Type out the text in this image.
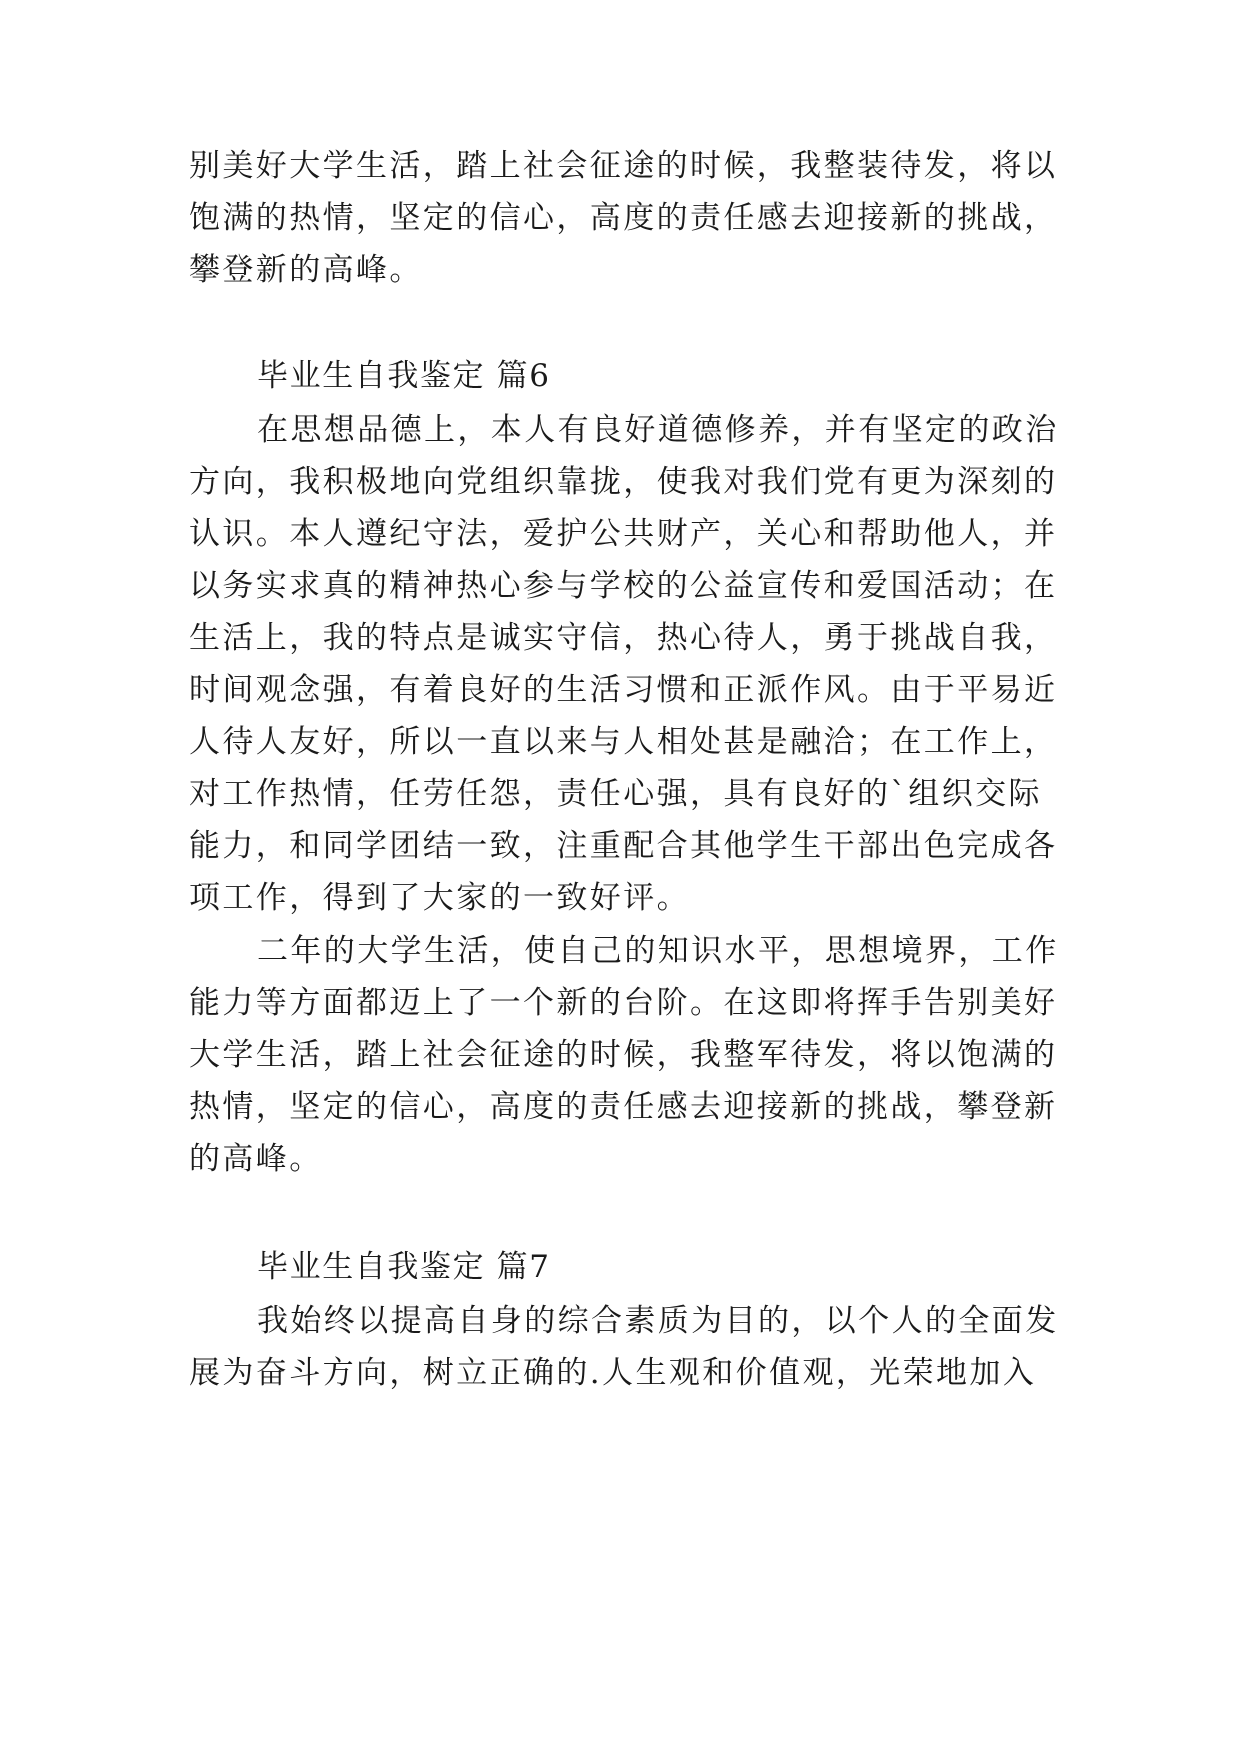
别美好大学生活，踏上社会征途的时候，我整装待发，将以
饱满的热情，坚定的信心，高度的责任感去迎接新的挑战，
攀登新的高峰。
毕业生自我鉴定 篇6
在思想品德上，本人有良好道德修养，并有坚定的政治
方向，我积极地向党组织靠拢，使我对我们党有更为深刻的
认识。本人遵纪守法，爱护公共财产，关心和帮助他人，并
以务实求真的精神热心参与学校的公益宣传和爱国活动；在
生活上，我的特点是诚实守信，热心待人，勇于挑战自我，
时间观念强，有着良好的生活习惯和正派作风。由于平易近
人待人友好，所以一直以来与人相处甚是融洽；在工作上，
对工作热情，任劳任怨，责任心强，具有良好的`组织交际
能力，和同学团结一致，注重配合其他学生干部出色完成各
项工作，得到了大家的一致好评。
二年的大学生活，使自己的知识水平，思想境界，工作
能力等方面都迈上了一个新的台阶。在这即将挥手告别美好
大学生活，踏上社会征途的时候，我整军待发，将以饱满的
热情，坚定的信心，高度的责任感去迎接新的挑战，攀登新
的高峰。
毕业生自我鉴定 篇7
我始终以提高自身的综合素质为目的，以个人的全面发
展为奋斗方向，树立正确的.人生观和价值观，光荣地加入
